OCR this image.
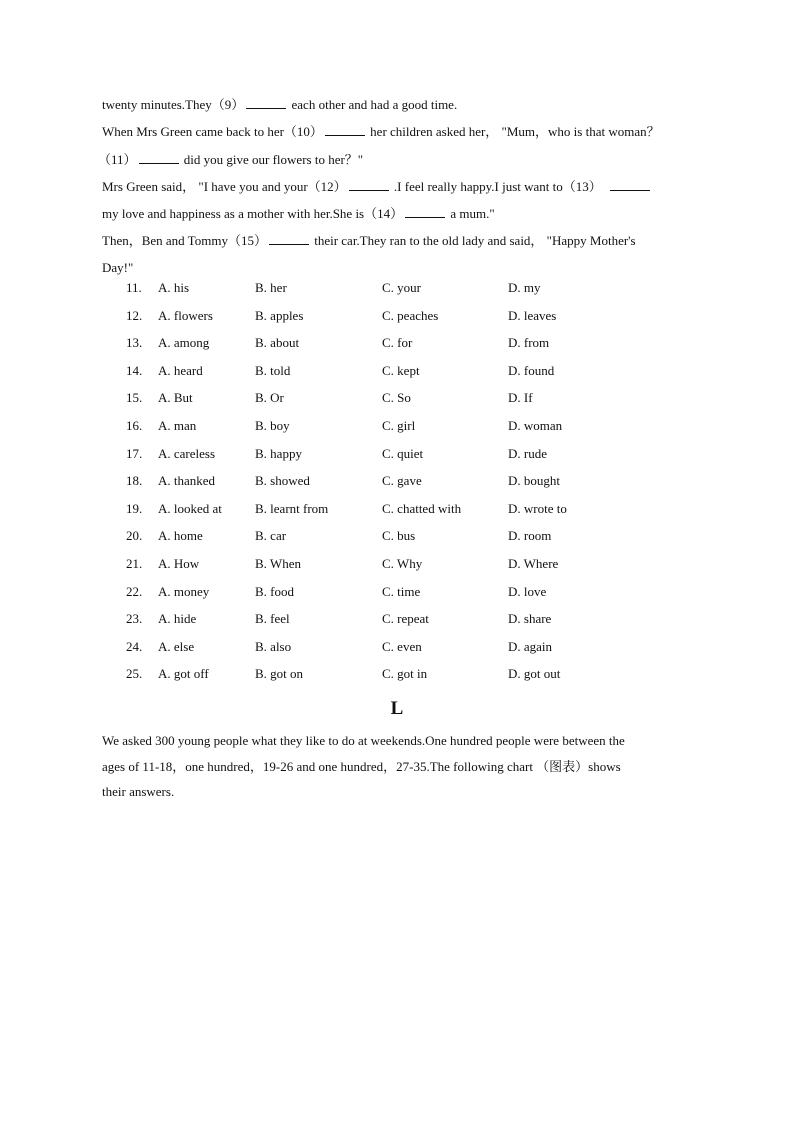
twenty minutes.They（9）	each other and had a good time.
When Mrs Green came back to her（10）	her children asked her， "Mum，who is that woman？
（11）	did you give our flowers to her？"
Mrs Green said， "I have you and your（12）	.I feel really happy.I just want to（13）
my love and happiness as a mother with her.She is（14）	a mum."
Then，Ben and Tommy（15）	their car.They ran to the old lady and said， "Happy Mother's
Day!"
11. A. his	B. her	C. your	D. my
12. A. flowers	B. apples	C. peaches	D. leaves
13. A. among	B. about	C. for	D. from
14. A. heard	B. told	C. kept	D. found
15. A. But	B. Or	C. So	D. If
16. A. man	B. boy	C. girl	D. woman
17. A. careless	B. happy	C. quiet	D. rude
18. A. thanked	B. showed	C. gave	D. bought
19. A. looked at	B. learnt from	C. chatted with	D. wrote to
20. A. home	B. car	C. bus	D. room
21. A. How	B. When	C. Why	D. Where
22. A. money	B. food	C. time	D. love
23. A. hide	B. feel	C. repeat	D. share
24. A. else	B. also	C. even	D. again
25. A. got off	B. got on	C. got in	D. got out
L
We asked 300 young people what they like to do at weekends.One hundred people were between the
ages of 11-18，one hundred，19-26 and one hundred，27-35.The following chart （图表）shows
their answers.
